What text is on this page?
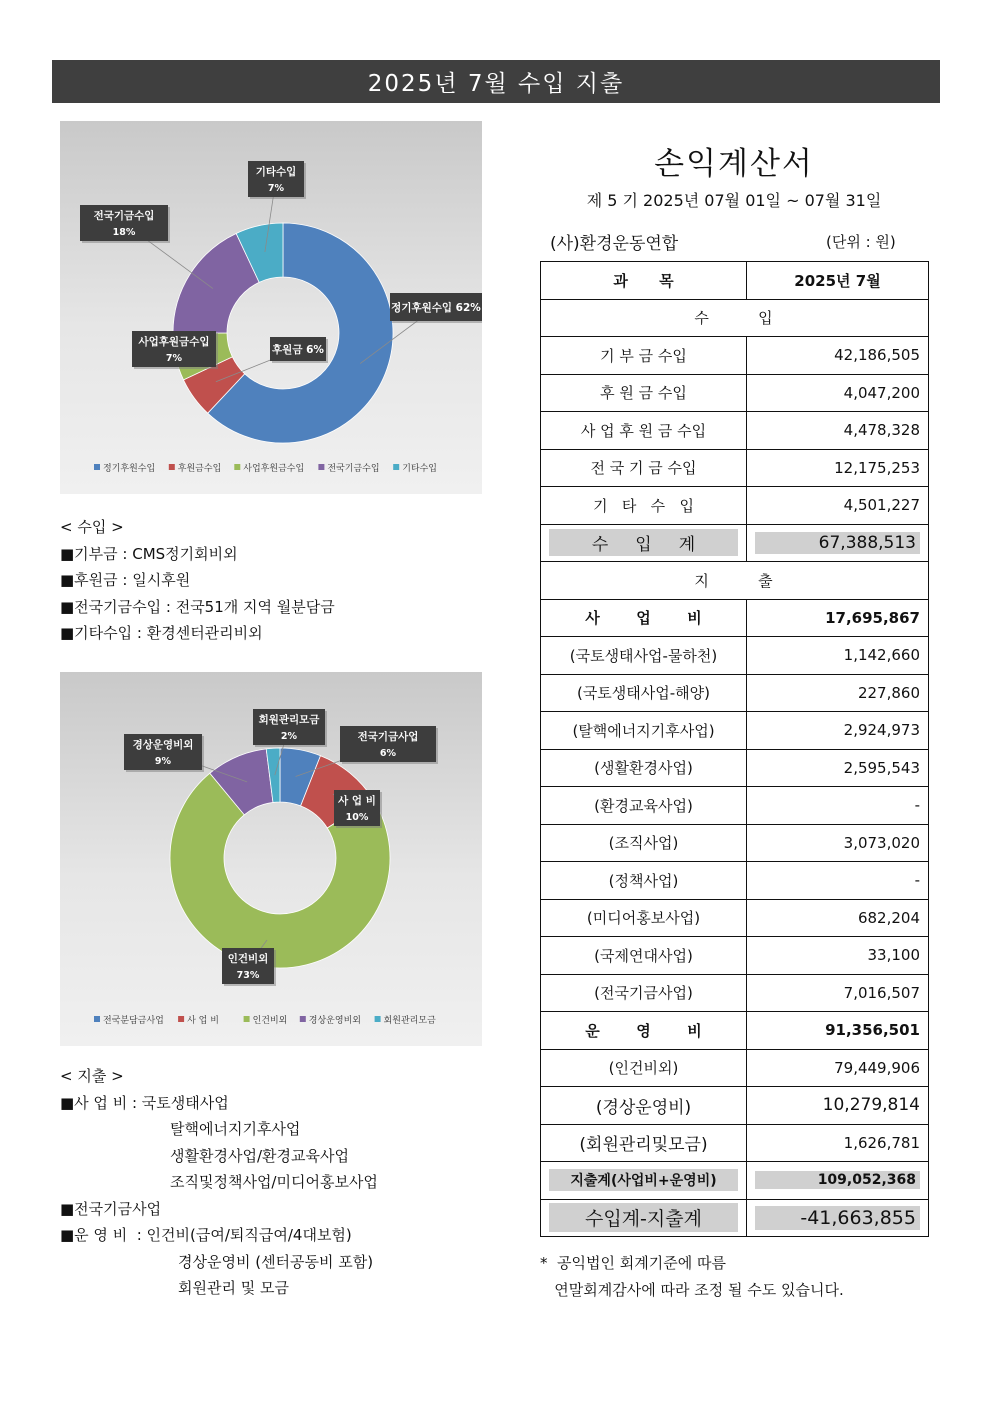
2025년 7월 수입 지출
기타수입
7%
전국기금수입
18%
정기후원수입 62%
사업후원금수입
7%
후원금 6%
정기후원수입	후원금수입 사업후원금수입	전국기금수입	기타수입
< 수입 >
■기부금 : CMS정기회비외
■후원금 : 일시후원
■전국기금수입 : 전국51개 지역 월분담금
■기타수입 : 환경센터관리비외
회원관리모금
2%	전국기금사업
6%
경상운영비외
9%
사 업 비
10%
인건비외
73%
전국분담금사업	사 업 비	인건비외 경상운영비외	회원관리모금
< 지출 >
■사 업 비 : 국토생태사업
탈핵에너지기후사업
생활환경사업/환경교육사업
조직및정책사업/미디어홍보사업
■전국기금사업
■운 영 비  : 인건비(급여/퇴직급여/4대보험)
경상운영비 (센터공동비 포함)
회원관리 및 모금
손익계산서
제 5 기 2025년 07월 01일 ~ 07월 31일
(사)환경운동연합	(단위 : 원)
과      목	2025년 7월
수       입	
기 부 금 수입	42,186,505
후 원 금 수입	4,047,200
사 업 후 원 금 수입	4,478,328
전 국 기 금 수입	12,175,253
기   타   수   입	4,501,227

수     입     계	67,388,513

지       출	
사       업       비	17,695,867
(국토생태사업-물하천)	1,142,660
(국토생태사업-해양)	227,860
(탈핵에너지기후사업)	2,924,973
(생활환경사업)	2,595,543
(환경교육사업)	-
(조직사업)	3,073,020
(정책사업)	-
(미디어홍보사업)	682,204
(국제연대사업)	33,100
(전국기금사업)	7,016,507
운       영       비	91,356,501
(인건비외)	79,449,906
(경상운영비)	10,279,814
(회원관리및모금)	1,626,781

지출계(사업비+운영비)	109,052,368

수입계-지출계	-41,663,855
*  공익법인 회계기준에 따름
연말회계감사에 따라 조정 될 수도 있습니다.
